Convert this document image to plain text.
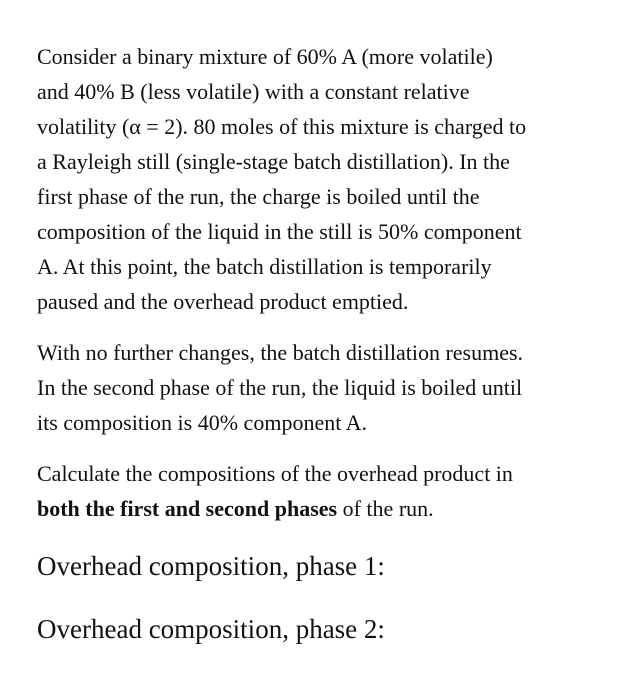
Consider a binary mixture of 60% A (more volatile)
and 40% B (less volatile) with a constant relative
volatility (α = 2). 80 moles of this mixture is charged to
a Rayleigh still (single-stage batch distillation). In the
first phase of the run, the charge is boiled until the
composition of the liquid in the still is 50% component
A. At this point, the batch distillation is temporarily
paused and the overhead product emptied.

With no further changes, the batch distillation resumes.
In the second phase of the run, the liquid is boiled until
its composition is 40% component A.

Calculate the compositions of the overhead product in
both the first and second phases of the run.

Overhead composition, phase 1:

Overhead composition, phase 2:
